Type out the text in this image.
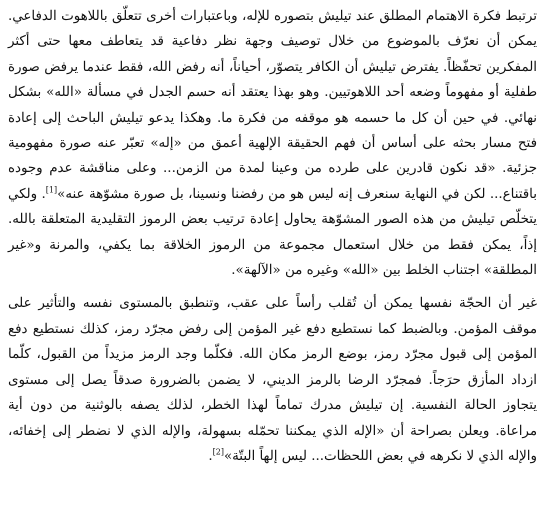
ترتبط فكرة الاهتمام المطلق عند تيليش بتصوره للإله، وباعتبارات أخرى تتعلّق باللاهوت الدفاعي. يمكن أن نعرّف بالموضوع من خلال توصيف وجهة نظر دفاعية قد يتعاطف معها حتى أكثر المفكرين تحفّظاً. يفترض تيليش أن الكافر يتصوّر، أحياناً، أنه رفض الله، فقط عندما يرفض صورة طفلية أو مفهوماً وضعه أحد اللاهوتيين. وهو بهذا يعتقد أنه حسم الجدل في مسألة «الله» بشكل نهائي. في حين أن كل ما حسمه هو موقفه من فكرة ما. وهكذا يدعو تيليش الباحث إلى إعادة فتح مسار بحثه على أساس أن فهم الحقيقة الإلهية أعمق من «إله» تعبّر عنه صورة مفهومية جزئية. «قد نكون قادرين على طرده من وعينا لمدة من الزمن... وعلى مناقشة عدم وجوده باقتناع... لكن في النهاية سنعرف إنه ليس هو من رفضنا ونسينا، بل صورة مشوّهة عنه»[1]. ولكي يتخلّص تيليش من هذه الصور المشوّهة يحاول إعادة ترتيب بعض الرموز التقليدية المتعلقة بالله. إذاً، يمكن فقط من خلال استعمال مجموعة من الرموز الخلاقة بما يكفي، والمرنة و«غير المطلقة» اجتناب الخلط بين «الله» وغيره من «الآلهة».

غير أن الحجّة نفسها يمكن أن تُقلب رأساً على عقب، وتنطبق بالمستوى نفسه والتأثير على موقف المؤمن. وبالضبط كما نستطيع دفع غير المؤمن إلى رفض مجرّد رمز، كذلك نستطيع دفع المؤمن إلى قبول مجرّد رمز، بوضع الرمز مكان الله. فكلّما وجد الرمز مزيداً من القبول، كلّما ازداد المأزق حرَجاً. فمجرّد الرضا بالرمز الديني، لا يضمن بالضرورة صدقاً يصل إلى مستوى يتجاوز الحالة النفسية. إن تيليش مدرك تماماً لهذا الخطر، لذلك يصفه بالوثنية من دون أية مراعاة. ويعلن بصراحة أن «الإله الذي يمكننا تحمّله بسهولة، والإله الذي لا نضطر إلى إخفائه، والإله الذي لا نكرهه في بعض اللحظات... ليس إلهاً البتّة»[2].
